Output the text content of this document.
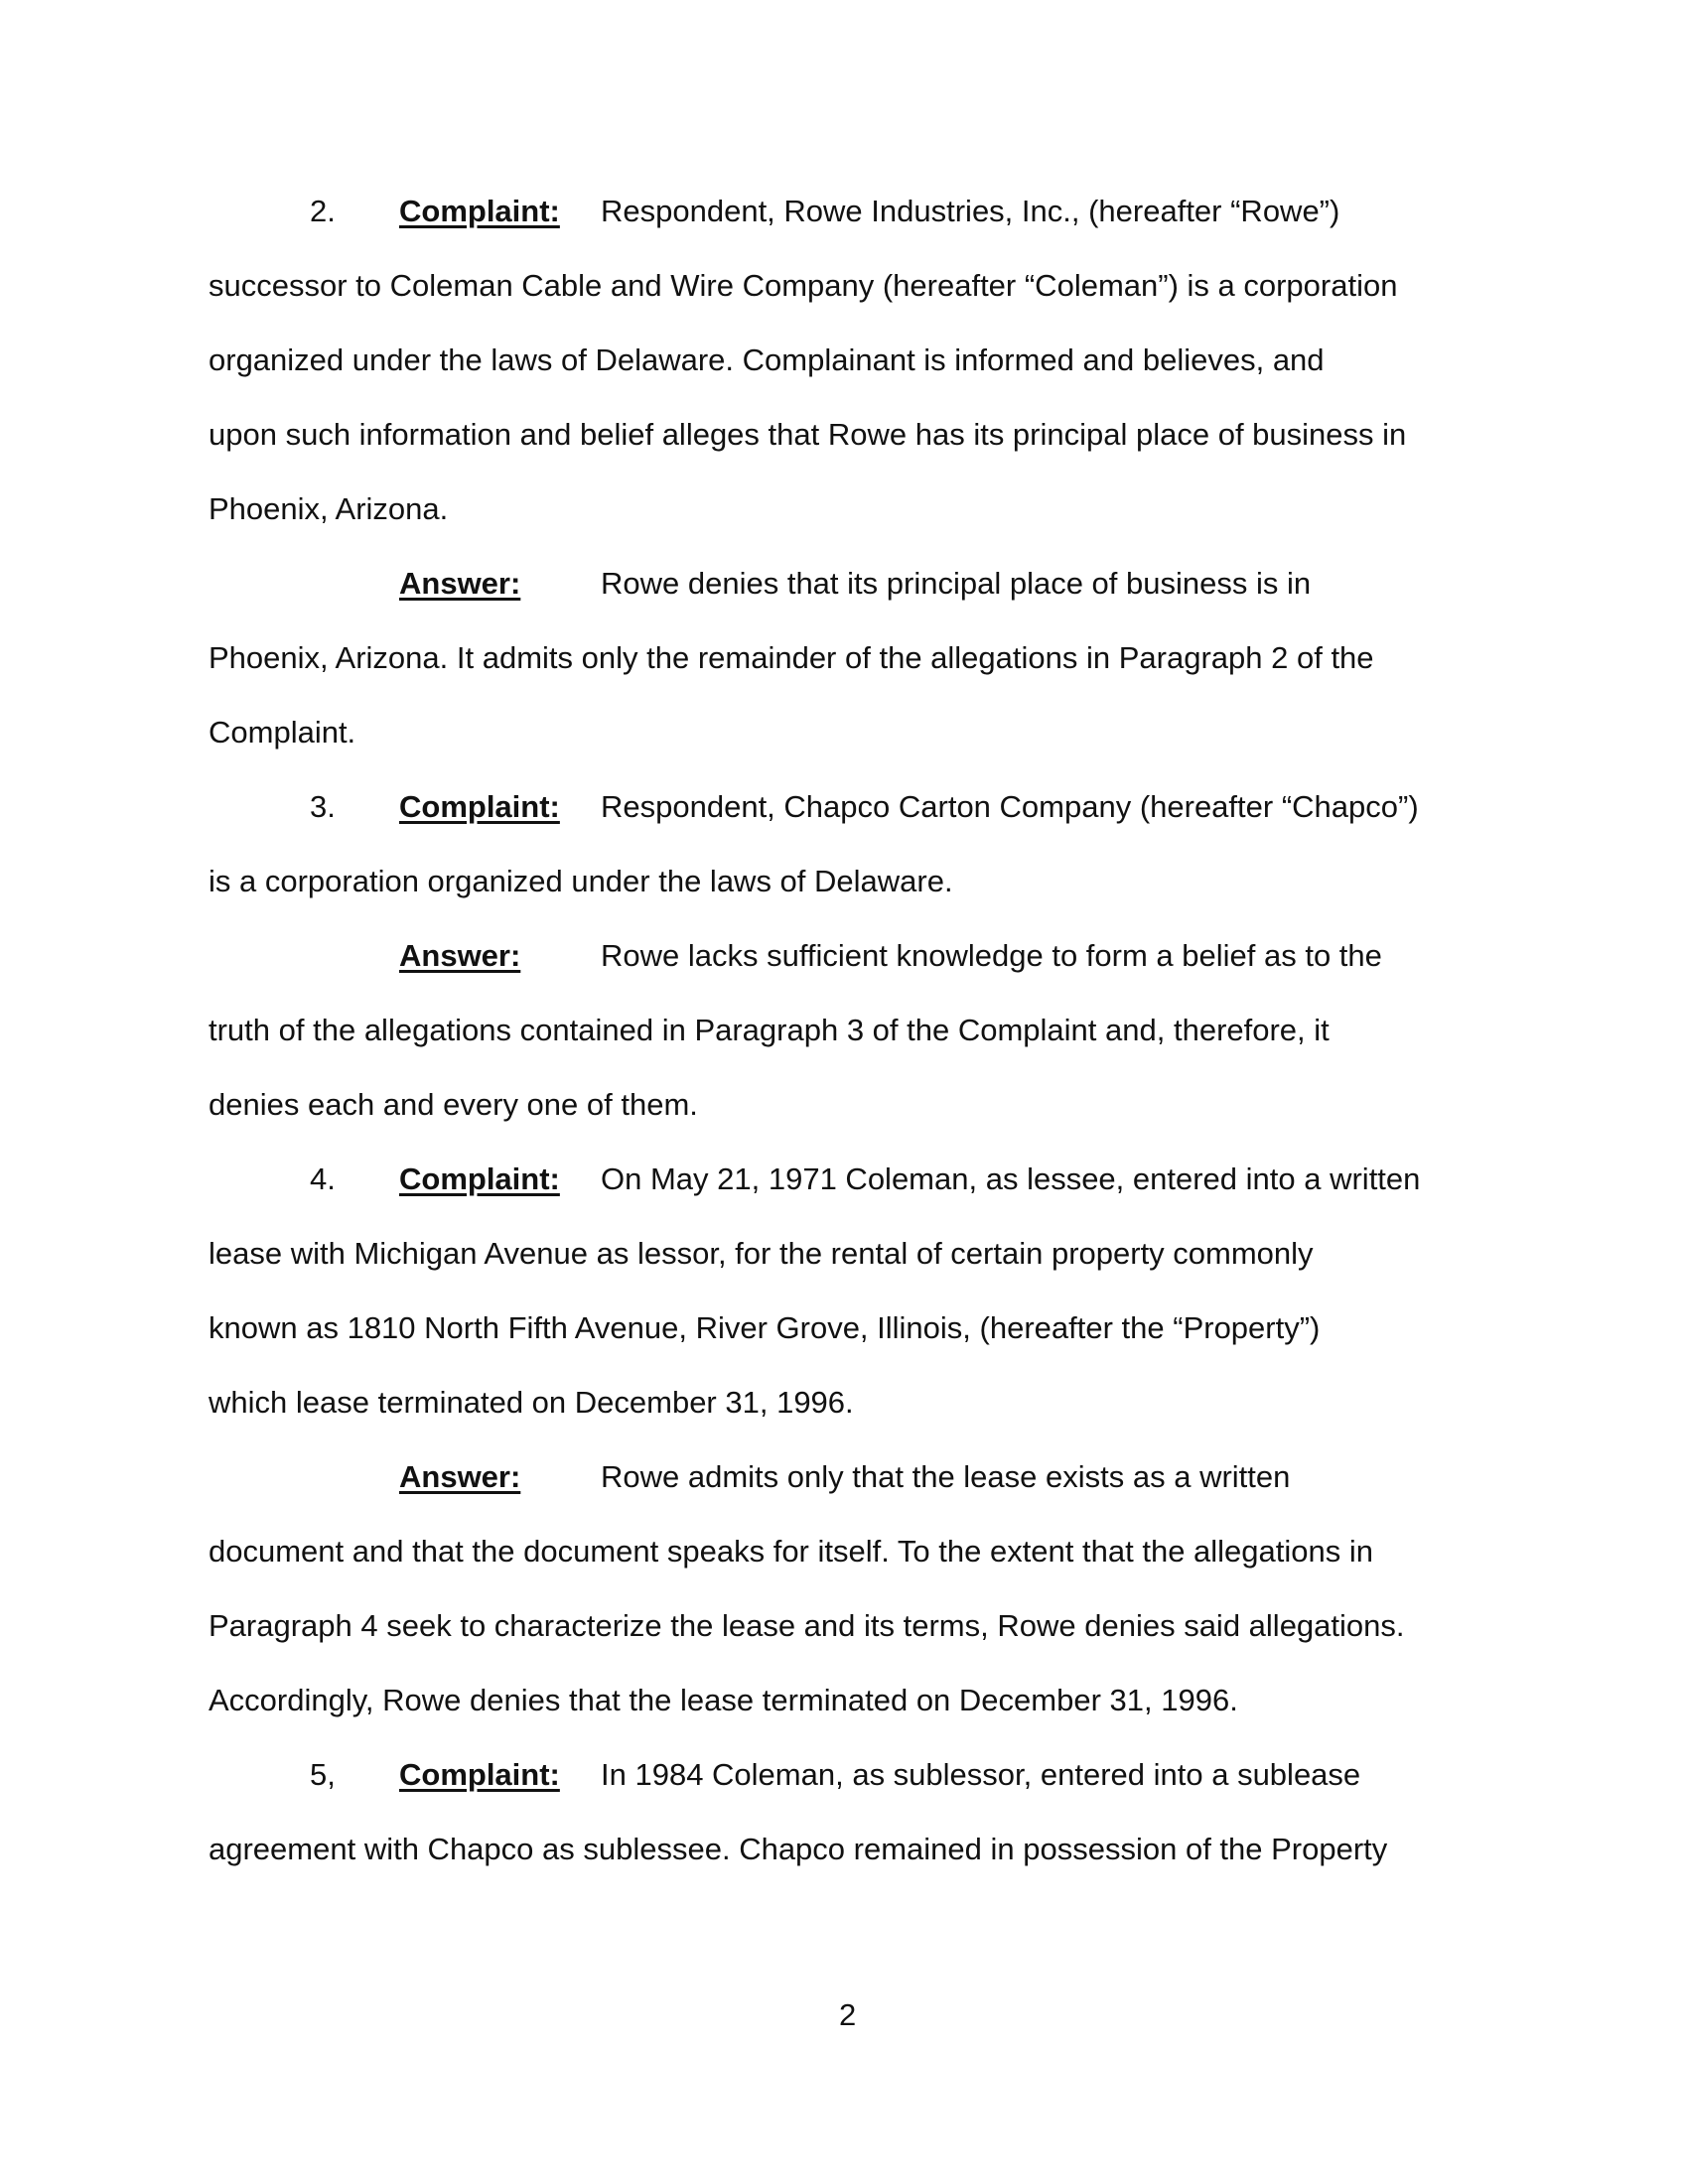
2. Complaint: Respondent, Rowe Industries, Inc., (hereafter “Rowe”)
successor to Coleman Cable and Wire Company (hereafter “Coleman”) is a corporation
organized under the laws of Delaware. Complainant is informed and believes, and
upon such information and belief alleges that Rowe has its principal place of business in
Phoenix, Arizona.
Answer:	Rowe denies that its principal place of business is in
Phoenix, Arizona. It admits only the remainder of the allegations in Paragraph 2 of the
Complaint.
3. Complaint: Respondent, Chapco Carton Company (hereafter “Chapco”)
is a corporation organized under the laws of Delaware.
Answer:	Rowe lacks sufficient knowledge to form a belief as to the
truth of the allegations contained in Paragraph 3 of the Complaint and, therefore, it
denies each and every one of them.
4. Complaint: On May 21, 1971 Coleman, as lessee, entered into a written
lease with Michigan Avenue as lessor, for the rental of certain property commonly
known as 1810 North Fifth Avenue, River Grove, Illinois, (hereafter the “Property”)
which lease terminated on December 31, 1996.
Answer:	Rowe admits only that the lease exists as a written
document and that the document speaks for itself. To the extent that the allegations in
Paragraph 4 seek to characterize the lease and its terms, Rowe denies said allegations.
Accordingly, Rowe denies that the lease terminated on December 31, 1996.
5, Complaint: In 1984 Coleman, as sublessor, entered into a sublease
agreement with Chapco as sublessee. Chapco remained in possession of the Property
2
